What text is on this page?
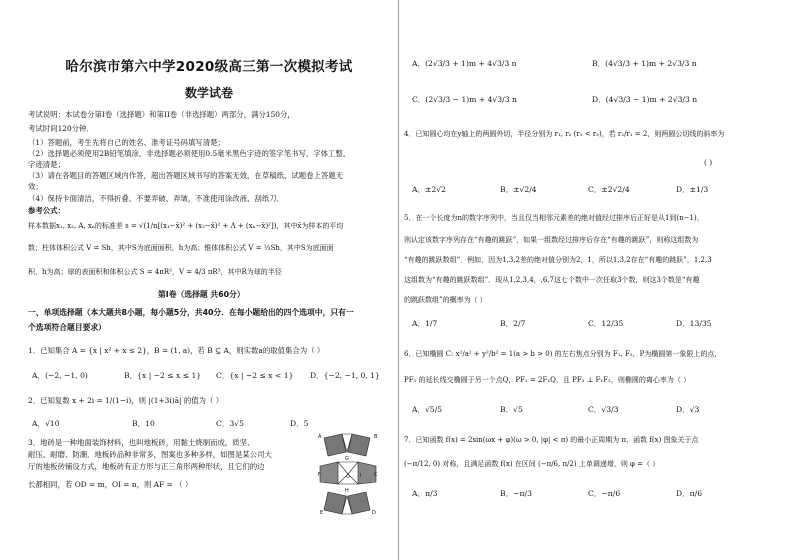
哈尔滨市第六中学2020级高三第一次模拟考试
数学试卷
考试说明：本试卷分第I卷（选择题）和第II卷（非选择题）两部分，满分150分，
考试时间120分钟．
（1）答题前，考生先将自己的姓名、准考证号码填写清楚；
（2）选择题必须使用2B铅笔填涂，非选择题必须使用0.5毫米黑色字迹的签字笔书写，字体工整，
字迹清楚；
（3）请在各题目的答题区域内作答，超出答题区域书写的答案无效，在草稿纸、试题卷上答题无
效；
（4）保持卡面清洁，不得折叠、不要弄破、弄皱，不准使用涂改液、刮纸刀．
参考公式：
样本数据x₁, x₂, A, xₙ的标准差 s = √(1/n[(x₁−x̄)² + (x₂−x̄)² + Λ + (xₙ−x̄)²])，其中x̄为样本的平均
数；柱体体积公式 V = Sh，其中S为底面面积，h为高；锥体体积公式 V = ⅓Sh，其中S为底面面
积，h为高；球的表面积和体积公式 S = 4πR²，V = 4/3 πR³，其中R为球的半径
第Ⅰ卷（选择题 共60分）
一、单项选择题（本大题共8小题，每小题5分，共40分．在每小题给出的四个选项中，只有一
个选项符合题目要求）
1．已知集合 A = {x | x² + x ≤ 2}，B = (1, a)，若 B ⊆ A，则实数a的取值集合为（ ）
A．(−2, −1, 0)	B．{x | −2 ≤ x ≤ 1} C．{x | −2 ≤ x < 1} D．{−2, −1, 0, 1}
2．已知复数 x + 2i = 1/(1−i)，则 |(1+3i)ā| 的值为（ ）
A．√10	B．10	C．3√5	D．5
3．地砖是一种地面装饰材料，也叫地板砖，用黏土烧制而成，质坚、
耐压、耐磨、防潮．地板砖品种非常多，图案也多种多样，如图是某公司大
厅的地板砖铺设方式，地板砖有正方形与正三角形两种形状，且它们的边
长都相同，若 OD = m，OI = n，则 AF = （ ）
A	B
C
D
E
F
G
H
I
O
A．(2√3/3 + 1)m + 4√3/3 n	B．(4√3/3 + 1)m + 2√3/3 n
C．(2√3/3 − 1)m + 4√3/3 n	D．(4√3/3 − 1)m + 2√3/3 n
4．已知圆心均在y轴上的两圆外切，半径分别为 r₁, r₂ (r₁ < r₂)，若 r₂/r₁ = 2，则两圆公切线的斜率为
( )
A．±2√2	B．±√2/4	C．±2√2/4	D．±1/3
5．在一个长度为n的数字序列中，当且仅当相邻元素差的绝对值经过排序后正好是从1到(n−1)，
则认定该数字序列存在“有趣的跳跃”，如果一组数经过排序后存在“有趣的跳跃”，则称这组数为
“有趣的跳跃数组”．例如，因为1,3,2差的绝对值分别为2，1，所以1,3,2存在“有趣的跳跃”，1,2,3
这组数为“有趣的跳跃数组”．现从1,2,3,4，,6,7这七个数中一次任取3个数，则这3个数是“有趣
的跳跃数组”的概率为（ ）
A．1/7	B．2/7	C．12/35	D．13/35
6．已知椭圆 C: x²/a² + y²/b² = 1(a > b > 0) 的左右焦点分别为 F₁, F₂，P为椭圆第一象限上的点，
PF₁ 的延长线交椭圆于另一个点Q，PF₁ = 2F₁Q，且 PF₂ ⊥ F₁F₂，则椭圆的离心率为（ ）
A．√5/5	B．√5	C．√3/3	D．√3
7．已知函数 f(x) = 2sin(ωx + φ)(ω > 0, |φ| < π) 的最小正周期为 π，函数 f(x) 图象关于点
(−π/12, 0) 对称，且满足函数 f(x) 在区间 (−π/6, π/2) 上单调递增，则 φ =（ ）
A．π/3	B．−π/3	C．−π/6	D．π/6
